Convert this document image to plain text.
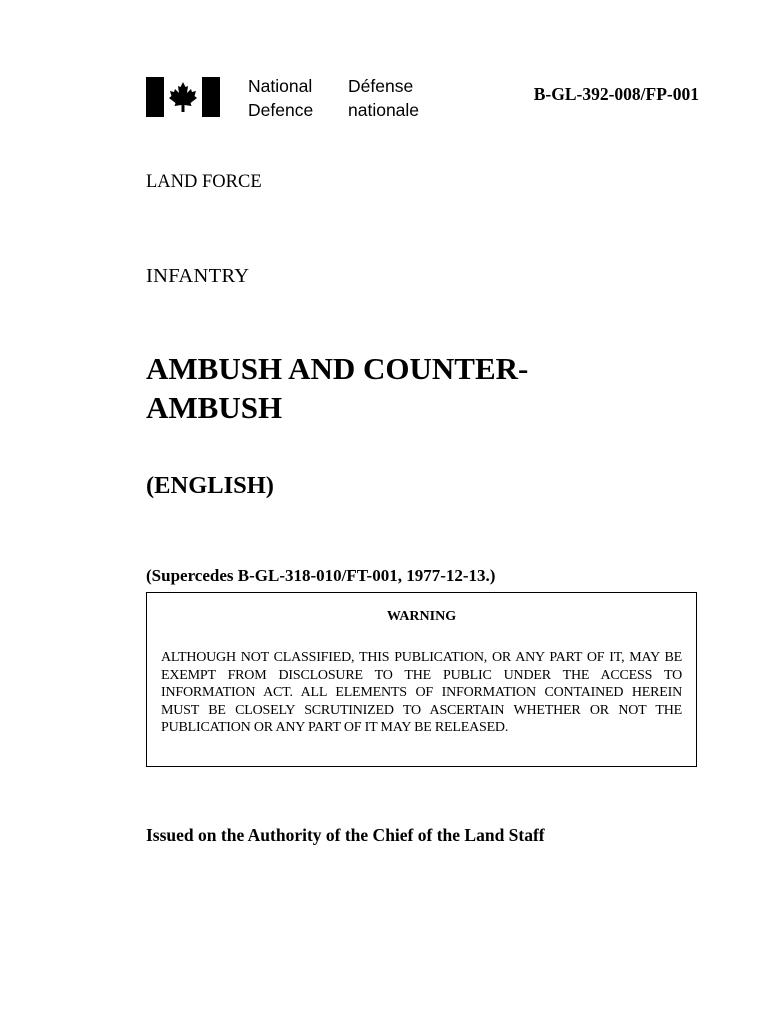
National
Defence
Défense
nationale
B-GL-392-008/FP-001
LAND FORCE
INFANTRY
AMBUSH AND COUNTER-
AMBUSH
(ENGLISH)
(Supercedes B-GL-318-010/FT-001, 1977-12-13.)
WARNING
ALTHOUGH NOT CLASSIFIED, THIS PUBLICATION, OR ANY PART OF IT, MAY BE EXEMPT FROM DISCLOSURE TO THE PUBLIC UNDER THE ACCESS TO INFORMATION ACT. ALL ELEMENTS OF INFORMATION CONTAINED HEREIN MUST BE CLOSELY SCRUTINIZED TO ASCERTAIN WHETHER OR NOT THE PUBLICATION OR ANY PART OF IT MAY BE RELEASED.
Issued on the Authority of the Chief of the Land Staff
